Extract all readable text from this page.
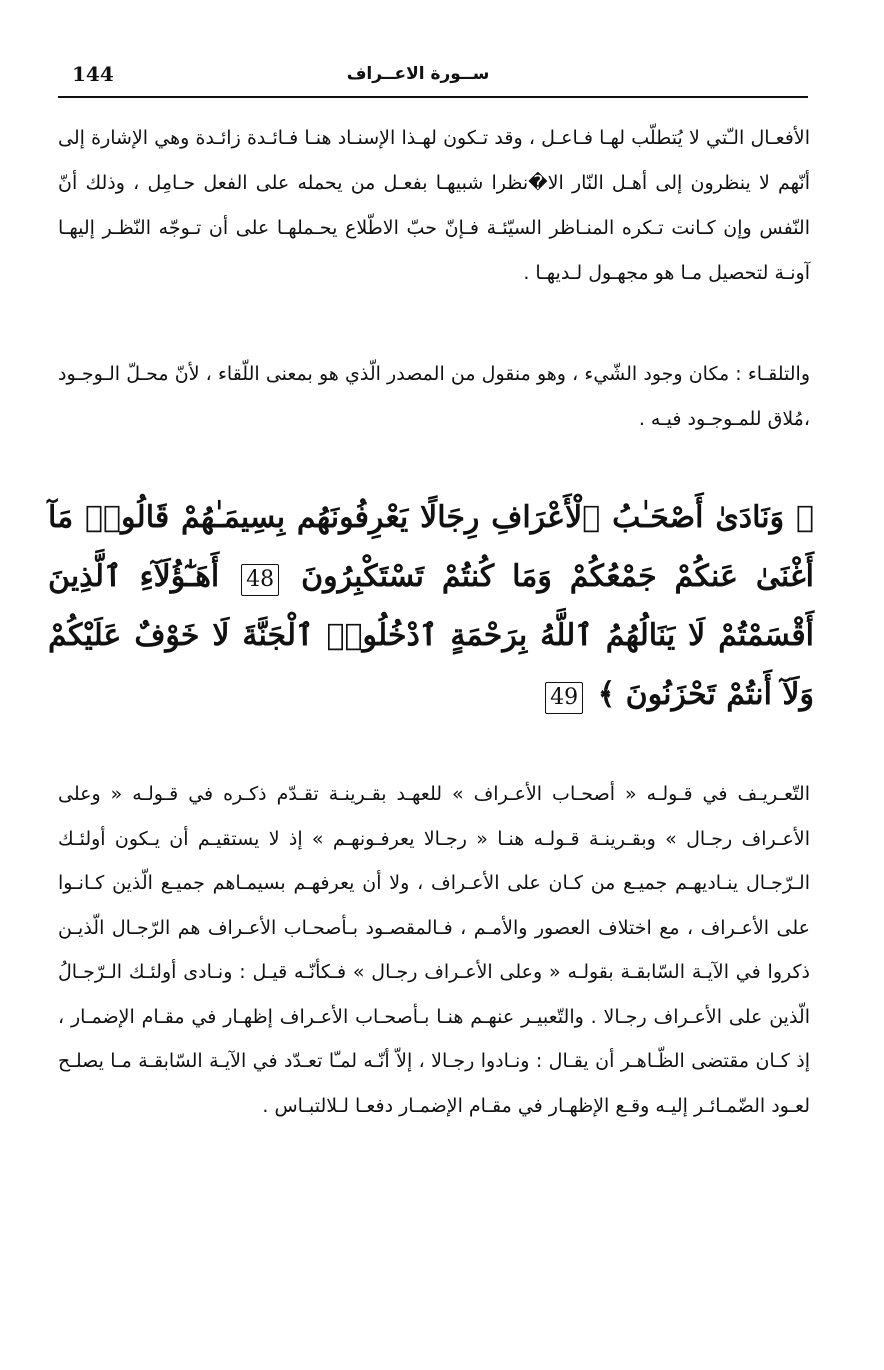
144	ســورة الاعــراف

الأفعـال الـّتي لا يُتطلّب لهـا فـاعـل ، وقد تـكون لهـذا الإسنـاد هنـا فـائـدة زائـدة وهي الإشارة إلى أنّهم لا ينظرون إلى أهـل النّار الا�نظرا شبيهـا بفعـل من يحمله على الفعل حـامِل ، وذلك أنّ النّفس وإن كـانت تـكره المنـاظر السيّئـة فـإنّ حبّ الاطّلاع يحـملهـا على أن تـوجّه النّظـر إليهـا آونـة لتحصيل مـا هو مجهـول لـديهـا .

والتلقـاء : مكان وجود الشّيء ، وهو منقول من المصدر الّذي هو بمعنى اللّقاء ، لأنّ محـلّ الـوجـود ،مُلاق للمـوجـود فيـه .

﴿ وَنَادَىٰ أَصْحَـٰبُ ٱلْأَعْرَافِ رِجَالًا يَعْرِفُونَهُم بِسِيمَـٰهُمْ قَالُوا۟ مَآ أَغْنَىٰ عَنكُمْ جَمْعُكُمْ وَمَا كُنتُمْ تَسْتَكْبِرُونَ 48 أَهَـٰٓؤُلَآءِ ٱلَّذِينَ أَقْسَمْتُمْ لَا يَنَالُهُمُ ٱللَّهُ بِرَحْمَةٍ ٱدْخُلُوا۟ ٱلْجَنَّةَ لَا خَوْفٌ عَلَيْكُمْ وَلَآ أَنتُمْ تَحْزَنُونَ ﴾ 49

التّعـريـف في قـولـه « أصحـاب الأعـراف » للعهـد بقـرينـة تقـدّم ذكـره في قـولـه « وعلى الأعـراف رجـال » وبقـرينـة قـولـه هنـا « رجـالا يعرفـونهـم » إذ لا يستقيـم أن يـكون أولئـك الـرّجـال ينـاديهـم جميـع من كـان على الأعـراف ، ولا أن يعرفهـم بسيمـاهم جميـع الّذين كـانـوا على الأعـراف ، مع اختلاف العصور والأمـم ، فـالمقصـود بـأصحـاب الأعـراف هم الرّجـال الّذيـن ذكروا في الآيـة السّابقـة بقولـه « وعلى الأعـراف رجـال » فـكأنّـه قيـل : ونـادى أولئـك الـرّجـالُ الّذين على الأعـراف رجـالا . والتّعبيـر عنهـم هنـا بـأصحـاب الأعـراف إظهـار في مقـام الإضمـار ، إذ كـان مقتضى الظّـاهـر أن يقـال : ونـادوا رجـالا ، إلاّ أنّـه لمـّا تعـدّد في الآيـة السّابقـة مـا يصلـح لعـود الضّمـائـر إليـه وقـع الإظهـار في مقـام الإضمـار دفعـا لـلالتبـاس .
